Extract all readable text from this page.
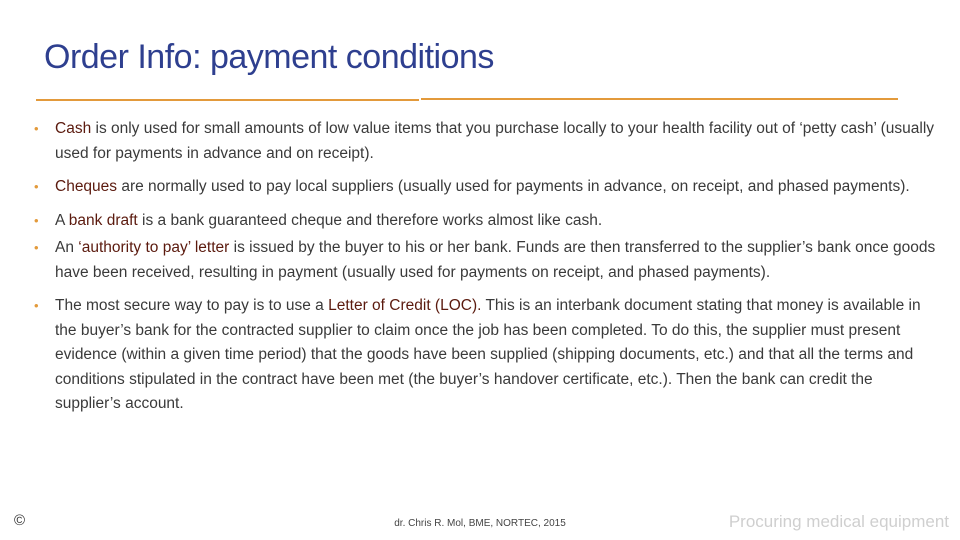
Order Info: payment conditions
• Cash is only used for small amounts of low value items that you purchase locally to your health facility out of ‘petty cash’ (usually used for payments in advance and on receipt).
• Cheques are normally used to pay local suppliers (usually used for payments in advance, on receipt, and phased payments).
• A bank draft is a bank guaranteed cheque and therefore works almost like cash.
• An ‘authority to pay’ letter is issued by the buyer to his or her bank. Funds are then transferred to the supplier’s bank once goods have been received, resulting in payment (usually used for payments on receipt, and phased payments).
• The most secure way to pay is to use a Letter of Credit (LOC). This is an interbank document stating that money is available in the buyer’s bank for the contracted supplier to claim once the job has been completed. To do this, the supplier must present evidence (within a given time period) that the goods have been supplied (shipping documents, etc.) and that all the terms and conditions stipulated in the contract have been met (the buyer’s handover certificate, etc.). Then the bank can credit the supplier’s account.
©	dr. Chris R. Mol, BME, NORTEC, 2015	Procuring medical equipment
